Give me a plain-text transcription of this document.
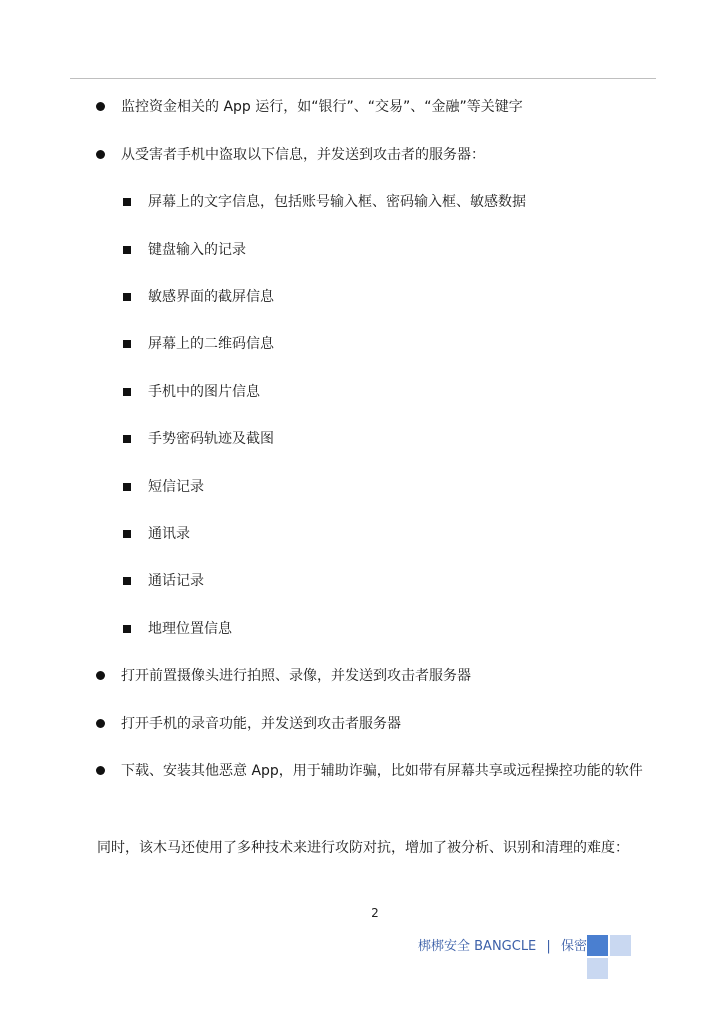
监控资金相关的 App 运行，如“银行”、“交易”、“金融”等关键字
从受害者手机中盗取以下信息，并发送到攻击者的服务器：
屏幕上的文字信息，包括账号输入框、密码输入框、敏感数据
键盘输入的记录
敏感界面的截屏信息
屏幕上的二维码信息
手机中的图片信息
手势密码轨迹及截图
短信记录
通讯录
通话记录
地理位置信息
打开前置摄像头进行拍照、录像，并发送到攻击者服务器
打开手机的录音功能，并发送到攻击者服务器
下载、安装其他恶意 App，用于辅助诈骗，比如带有屏幕共享或远程操控功能的软件
同时，该木马还使用了多种技术来进行攻防对抗，增加了被分析、识别和清理的难度：
2
梆梆安全 BANGCLE | 保密
